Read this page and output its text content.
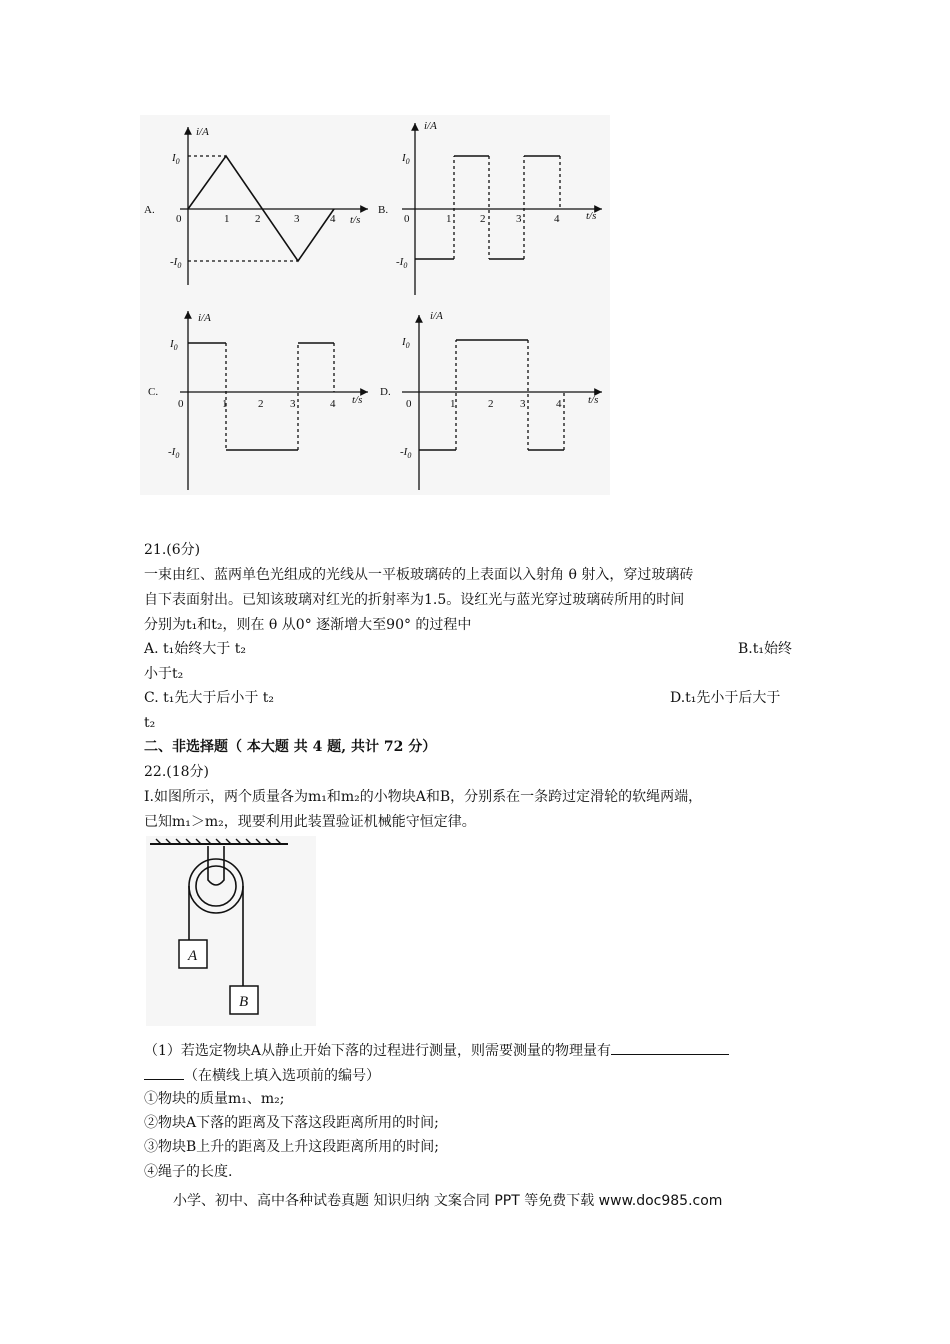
A.
i/A
t/s
0
$I_0$
$-I_0$
1 2	3	4
B.
i/A
t/s
0
$I_0$
$-I_0$
1	2	3	4
C.
i/A
t/s
0
$I_0$
$-I_0$
1	2 3	4
D.
i/A
t/s
0
$I_0$
$-I_0$
1	2 3	4
21.(6分)
一束由红、蓝两单色光组成的光线从一平板玻璃砖的上表面以入射角 θ 射入，穿过玻璃砖
自下表面射出。已知该玻璃对红光的折射率为1.5。设红光与蓝光穿过玻璃砖所用的时间
分别为t₁和t₂，则在 θ 从0° 逐渐增大至90° 的过程中
A. t₁始终大于 t₂	B.t₁始终
小于t₂
C. t₁先大于后小于 t₂	D.t₁先小于后大于
t₂
二、非选择题（ 本大题 共 4 题, 共计 72 分）
22.(18分)
Ⅰ.如图所示，两个质量各为m₁和m₂的小物块A和B，分别系在一条跨过定滑轮的软绳两端，
已知m₁＞m₂，现要利用此装置验证机械能守恒定律。
A
B
（1）若选定物块A从静止开始下落的过程进行测量，则需要测量的物理量有
（在横线上填入选项前的编号）
①物块的质量m₁、m₂;
②物块A下落的距离及下落这段距离所用的时间;
③物块B上升的距离及上升这段距离所用的时间;
④绳子的长度.
小学、初中、高中各种试卷真题 知识归纳 文案合同 PPT 等免费下载 www.doc985.com
